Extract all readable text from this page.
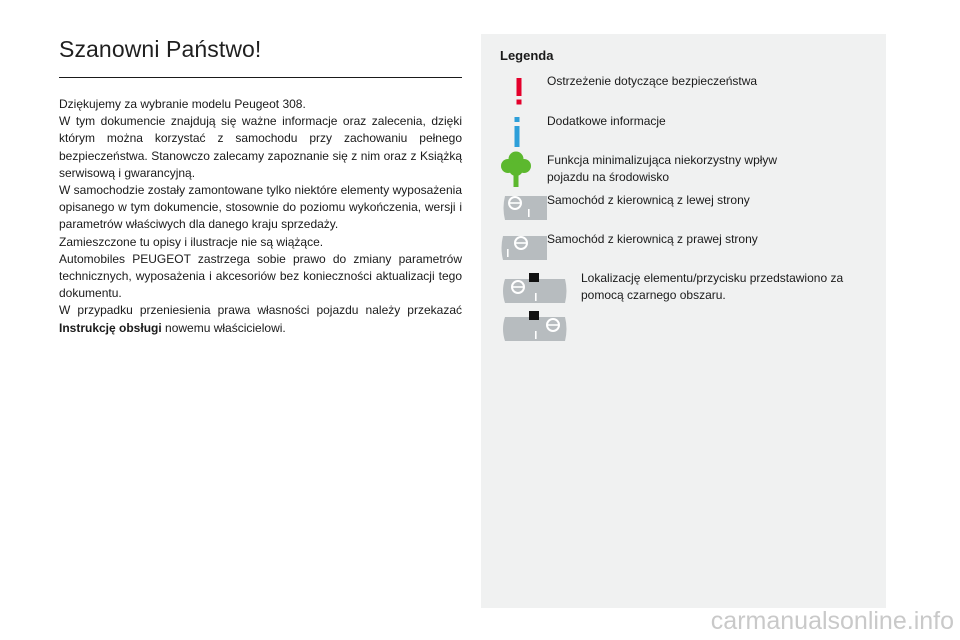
Szanowni Państwo!

Dziękujemy za wybranie modelu Peugeot 308.

W tym dokumencie znajdują się ważne informacje oraz zalecenia, dzięki którym można korzystać z samochodu przy zachowaniu pełnego bezpieczeństwa. Stanowczo zalecamy zapoznanie się z nim oraz z Książką serwisową i gwarancyjną.

W samochodzie zostały zamontowane tylko niektóre elementy wyposażenia opisanego w tym dokumencie, stosownie do poziomu wykończenia, wersji i parametrów właściwych dla danego kraju sprzedaży.

Zamieszczone tu opisy i ilustracje nie są wiążące.

Automobiles PEUGEOT zastrzega sobie prawo do zmiany parametrów technicznych, wyposażenia i akcesoriów bez konieczności aktualizacji tego dokumentu.

W przypadku przeniesienia prawa własności pojazdu należy przekazać Instrukcję obsługi nowemu właścicielowi.

Legenda
Ostrzeżenie dotyczące bezpieczeństwa
Dodatkowe informacje
Funkcja minimalizująca niekorzystny wpływ pojazdu na środowisko
Samochód z kierownicą z lewej strony
Samochód z kierownicą z prawej strony
Lokalizację elementu/przycisku przedstawiono za pomocą czarnego obszaru.
carmanualsonline.info
